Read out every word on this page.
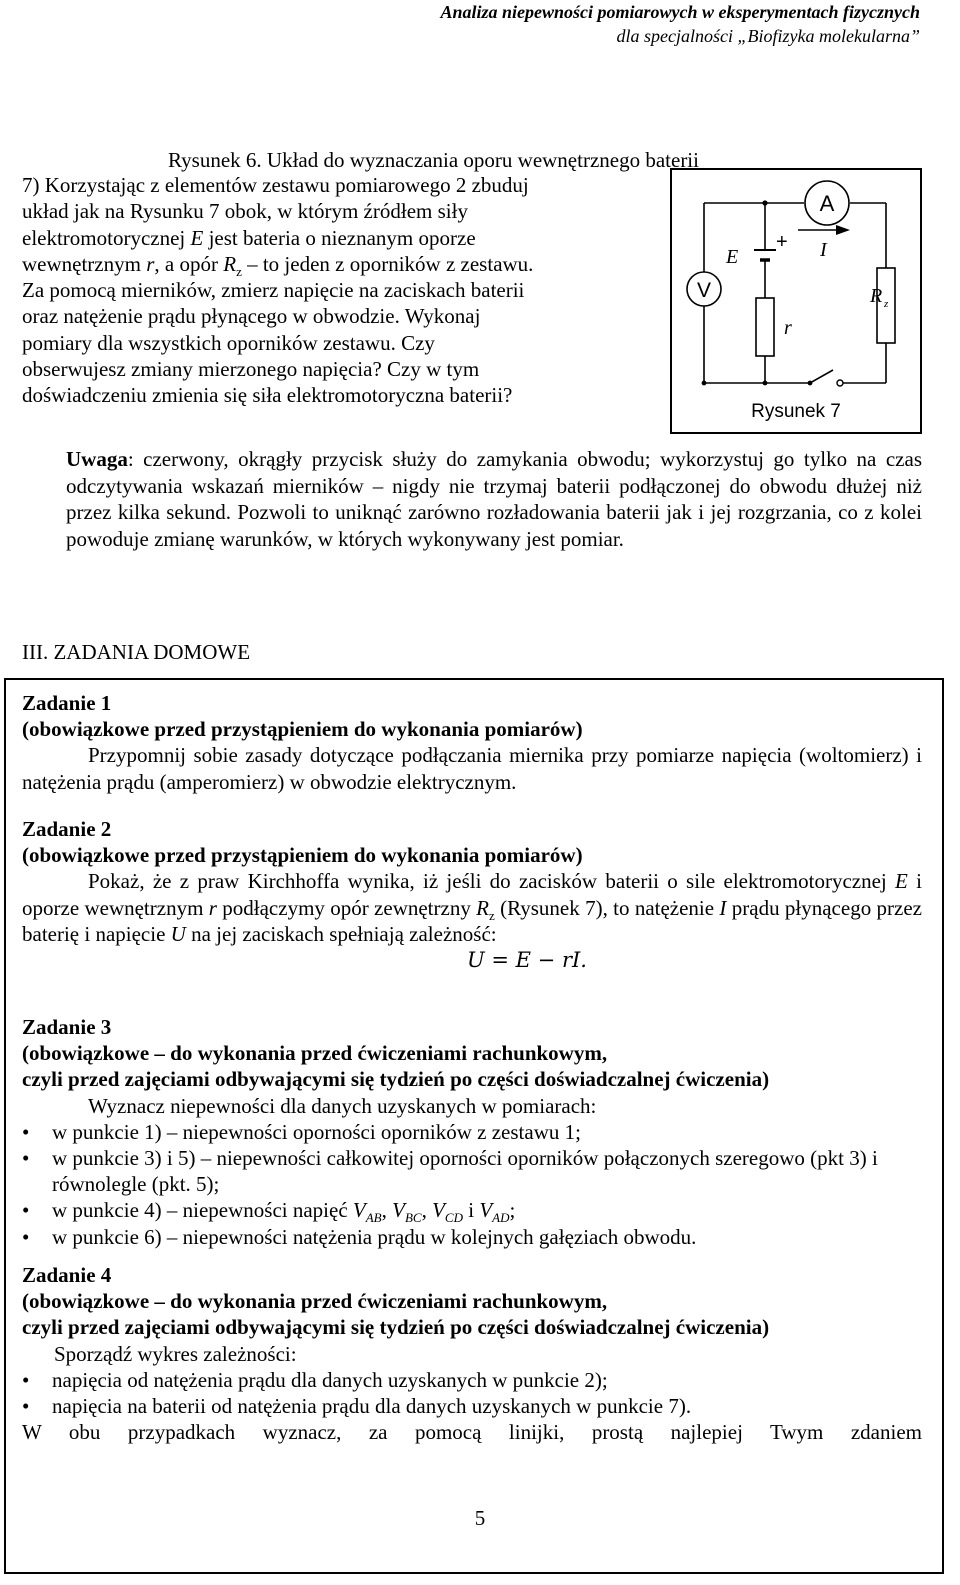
Analiza niepewności pomiarowych w eksperymentach fizycznych
dla specjalności „Biofizyka molekularna”
Rysunek 6. Układ do wyznaczania oporu wewnętrznego baterii
7) Korzystając z elementów zestawu pomiarowego 2 zbuduj
układ jak na Rysunku 7 obok, w którym źródłem siły
elektromotorycznej E jest bateria o nieznanym oporze
wewnętrznym r, a opór $R_z$ – to jeden z oporników z zestawu.
Za pomocą mierników, zmierz napięcie na zaciskach baterii
oraz natężenie prądu płynącego w obwodzie. Wykonaj
pomiary dla wszystkich oporników zestawu. Czy
obserwujesz zmiany mierzonego napięcia? Czy w tym
doświadczeniu zmienia się siła elektromotoryczna baterii?
A
V
E
+ I
r
R z
Rysunek 7
Uwaga: czerwony, okrągły przycisk służy do zamykania obwodu; wykorzystuj go tylko na czas odczytywania wskazań mierników – nigdy nie trzymaj baterii podłączonej do obwodu dłużej niż przez kilka sekund. Pozwoli to uniknąć zarówno rozładowania baterii jak i jej rozgrzania, co z kolei powoduje zmianę warunków, w których wykonywany jest pomiar.
III. ZADANIA DOMOWE
Zadanie 1
(obowiązkowe przed przystąpieniem do wykonania pomiarów)
Przypomnij sobie zasady dotyczące podłączania miernika przy pomiarze napięcia (woltomierz) i natężenia prądu (amperomierz) w obwodzie elektrycznym.
Zadanie 2
(obowiązkowe przed przystąpieniem do wykonania pomiarów)
Pokaż, że z praw Kirchhoffa wynika, iż jeśli do zacisków baterii o sile elektromotorycznej E i oporze wewnętrznym r podłączymy opór zewnętrzny $R_z$ (Rysunek 7), to natężenie I prądu płynącego przez baterię i napięcie U na jej zaciskach spełniają zależność:
U = E − rI.
Zadanie 3
(obowiązkowe – do wykonania przed ćwiczeniami rachunkowym,
czyli przed zajęciami odbywającymi się tydzień po części doświadczalnej ćwiczenia)
Wyznacz niepewności dla danych uzyskanych w pomiarach:
• w punkcie 1) – niepewności oporności oporników z zestawu 1;
• w punkcie 3) i 5) – niepewności całkowitej oporności oporników połączonych szeregowo (pkt 3) i równolegle (pkt. 5);
• w punkcie 4) – niepewności napięć $V_{AB}$, $V_{BC}$, $V_{CD}$ i $V_{AD}$;
• w punkcie 6) – niepewności natężenia prądu w kolejnych gałęziach obwodu.
Zadanie 4
(obowiązkowe – do wykonania przed ćwiczeniami rachunkowym,
czyli przed zajęciami odbywającymi się tydzień po części doświadczalnej ćwiczenia)
Sporządź wykres zależności:
• napięcia od natężenia prądu dla danych uzyskanych w punkcie 2);
• napięcia na baterii od natężenia prądu dla danych uzyskanych w punkcie 7).
W obu przypadkach wyznacz, za pomocą linijki, prostą najlepiej Twym zdaniem
5
